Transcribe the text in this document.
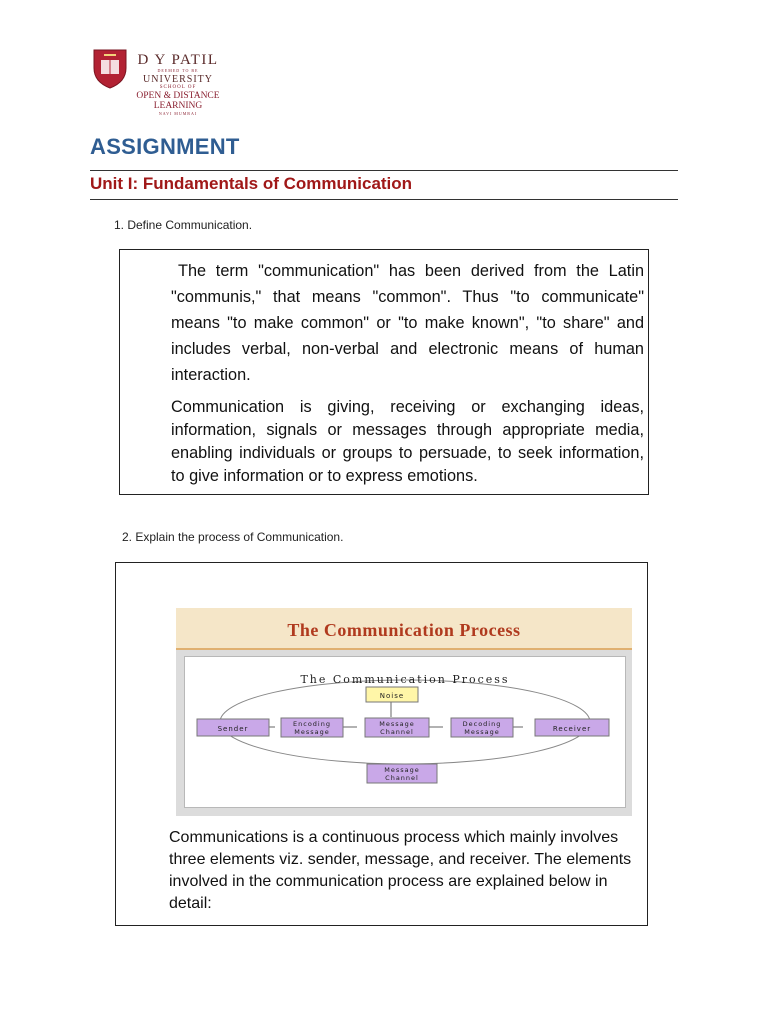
D Y PATIL
DEEMED TO BE
UNIVERSITY
SCHOOL OF
OPEN & DISTANCE
LEARNING
NAVI MUMBAI
ASSIGNMENT
Unit I: Fundamentals of Communication
1. Define Communication.

The term "communication" has been derived from the Latin "communis," that means "common". Thus "to communicate" means "to make common" or "to make known", "to share" and includes verbal, non-verbal and electronic means of human interaction.

Communication is giving, receiving or exchanging ideas, information, signals or messages through appropriate media, enabling individuals or groups to persuade, to seek information, to give information or to express emotions.

2. Explain the process of Communication.
The Communication Process
The Communication Process
Noise
Sender
Encoding
Message
Message
Channel
Decoding
Message	Receiver
Message
Channel

Communications is a continuous process which mainly involves three elements viz. sender, message, and receiver. The elements involved in the communication process are explained below in detail:
